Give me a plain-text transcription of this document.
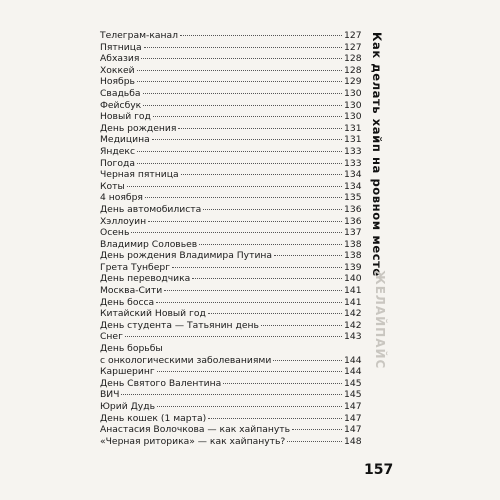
Телеграм-канал	127
Пятница	127
Абхазия	128
Хоккей	128
Ноябрь	129
Свадьба	130
Фейсбук	130
Новый год	130
День рождения	131
Медицина	131
Яндекс	133
Погода	133
Черная пятница	134
Коты	134
4 ноября	135
День автомобилиста	136
Хэллоуин	136
Осень	137
Владимир Соловьев	138
День рождения Владимира Путина	138
Грета Тунберг	139
День переводчика	140
Москва-Сити	141
День босса	141
Китайский Новый год	142
День студента — Татьянин день	142
Снег	143
День борьбы
с онкологическими заболеваниями	144
Каршеринг	144
День Святого Валентина	145
ВИЧ	145
Юрий Дудь	147
День кошек (1 марта)	147
Анастасия Волочкова — как хайпануть	147
«Черная риторика» — как хайпануть?	148
Как делать хайп на ровном месте
ЖЕЛАЙПАЙС
157
